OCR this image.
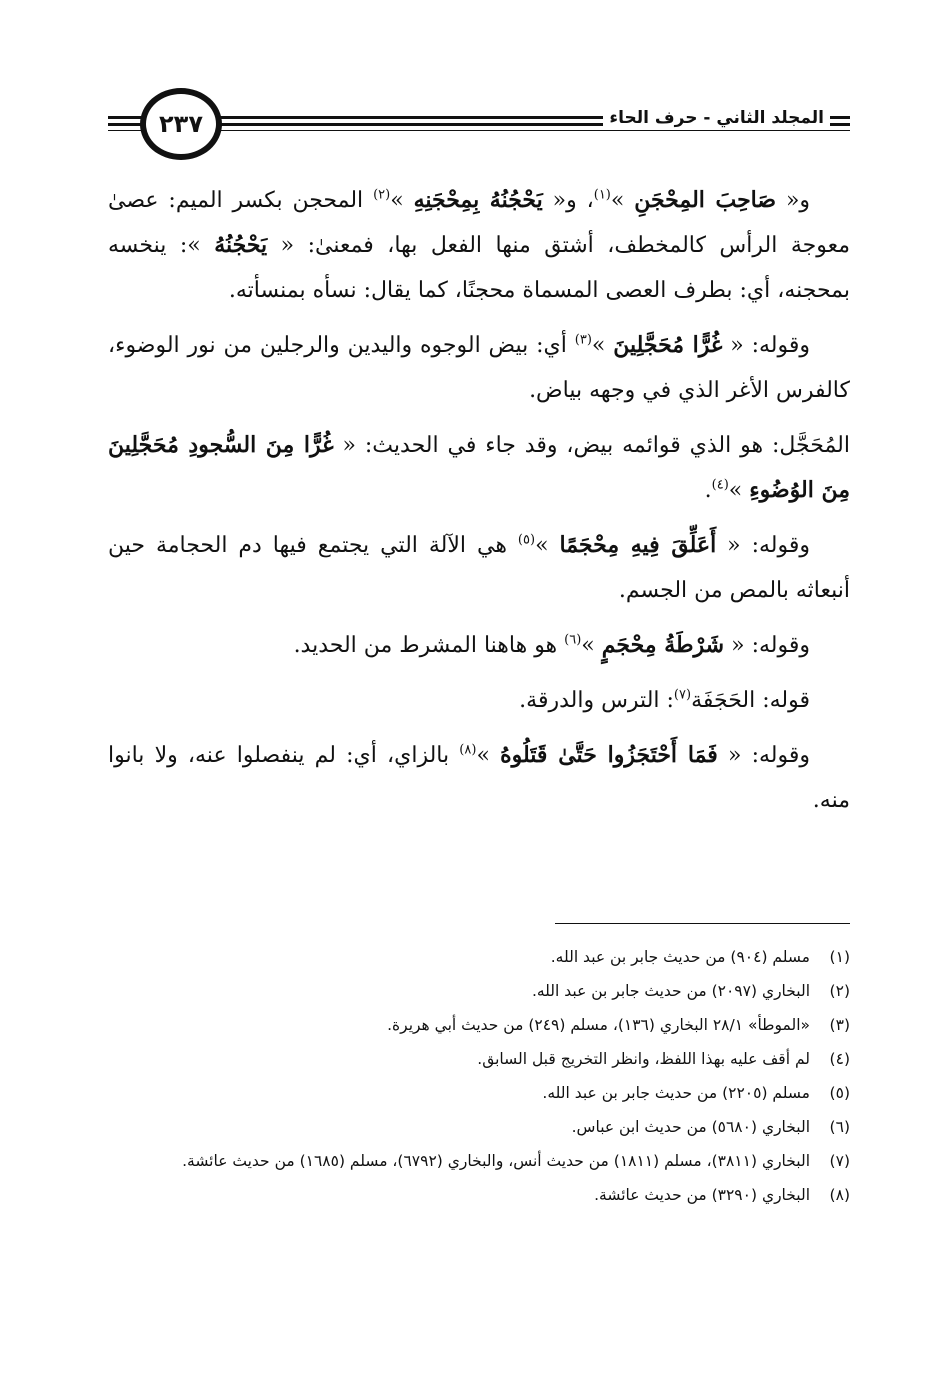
٢٣٧	المجلد الثاني - حرف الحاء

و« صَاحِبَ المِحْجَنِ »$^{(١)}$، و« يَحْجُنُهُ بِمِحْجَنِهِ »$^{(٢)}$ المحجن بكسر الميم: عصىٰ معوجة الرأس كالمخطف، أشتق منها الفعل بها، فمعنىٰ: « يَحْجُنُهُ »: ينخسه بمحجنه، أي: بطرف العصى المسماة محجنًا، كما يقال: نسأه بمنسأته.

وقوله: « غُرًّا مُحَجَّلِينَ »$^{(٣)}$ أي: بيض الوجوه واليدين والرجلين من نور الوضوء، كالفرس الأغر الذي في وجهه بياض.

المُحَجَّل: هو الذي قوائمه بيض، وقد جاء في الحديث: « غُرًّا مِنَ السُّجودِ مُحَجَّلِينَ مِنَ الوُضُوءِ »$^{(٤)}$.

وقوله: « أَعَلِّقَ فِيهِ مِحْجَمًا »$^{(٥)}$ هي الآلة التي يجتمع فيها دم الحجامة حين أنبعاثه بالمص من الجسم.

وقوله: « شَرْطَةُ مِحْجَمٍ »$^{(٦)}$ هو هاهنا المشرط من الحديد.

قوله: الحَجَفَة$^{(٧)}$: الترس والدرقة.

وقوله: « فَمَا أَحْتَجَزُوا حَتَّىٰ قَتَلُوهُ »$^{(٨)}$ بالزاي، أي: لم ينفصلوا عنه، ولا بانوا منه.

(١)
مسلم (٩٠٤) من حديث جابر بن عبد الله.
(٢)
البخاري (٢٠٩٧) من حديث جابر بن عبد الله.
(٣)
«الموطأ» ٢٨/١ البخاري (١٣٦)، مسلم (٢٤٩) من حديث أبي هريرة.
(٤)
لم أقف عليه بهذا اللفظ، وانظر التخريج قبل السابق.
(٥)
مسلم (٢٢٠٥) من حديث جابر بن عبد الله.
(٦)
البخاري (٥٦٨٠) من حديث ابن عباس.
(٧)
البخاري (٣٨١١)، مسلم (١٨١١) من حديث أنس، والبخاري (٦٧٩٢)، مسلم (١٦٨٥) من حديث عائشة.
(٨)
البخاري (٣٢٩٠) من حديث عائشة.
